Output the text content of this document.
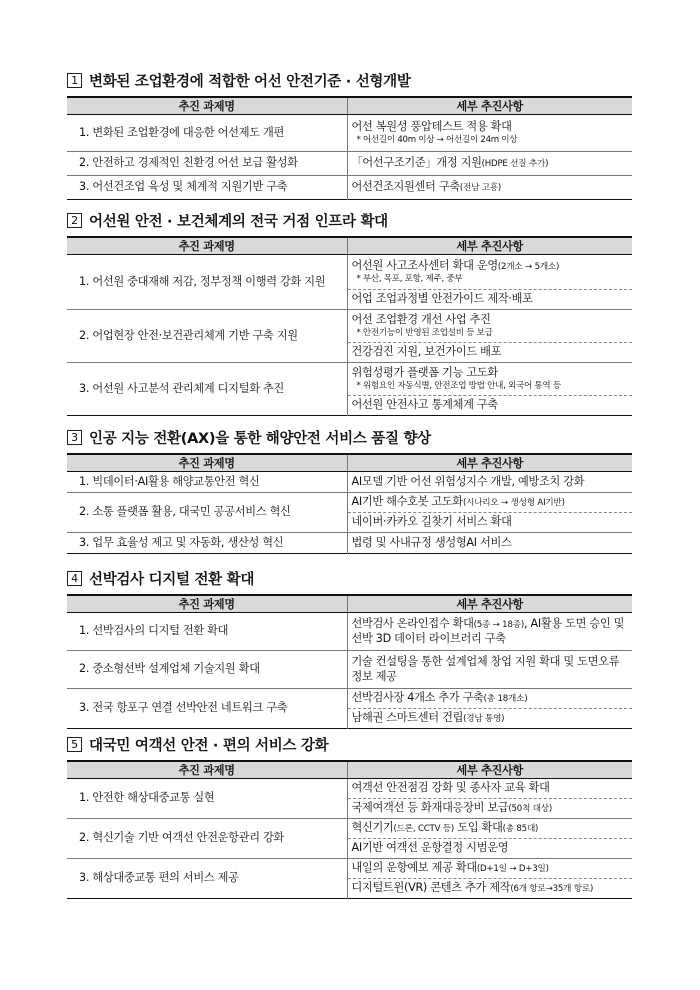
1 변화된 조업환경에 적합한 어선 안전기준 · 선형개발
추진 과제명	세부 추진사항
1. 변화된 조업환경에 대응한 어선제도 개편	어선 복원성 풍압테스트 적용 확대
* 어선길이 40m 이상 → 어선길이 24m 이상

2. 안전하고 경제적인 친환경 어선 보급 활성화	「어선구조기준」개정 지원(HDPE 선질 추가)
3. 어선건조업 육성 및 체계적 지원기반 구축	어선건조지원센터 구축(전남 고흥)
2 어선원 안전 · 보건체계의 전국 거점 인프라 확대
추진 과제명	세부 추진사항
1. 어선원 중대재해 저감, 정부정책 이행력 강화 지원	어선원 사고조사센터 확대 운영(2개소 → 5개소)
* 부산, 목포, 포항, 제주, 중부

	어업 조업과정별 안전가이드 제작·배포
2. 어업현장 안전·보건관리체계 기반 구축 지원	어선 조업환경 개선 사업 추진
* 안전기능이 반영된 조업설비 등 보급

	건강검진 지원, 보건가이드 배포
3. 어선원 사고분석 관리체계 디지털화 추진	위험성평가 플랫폼 기능 고도화
* 위험요인 자동식별, 안전조업 방법 안내, 외국어 통역 등

	어선원 안전사고 통계체계 구축
3 인공 지능 전환(AX)을 통한 해양안전 서비스 품질 향상
추진 과제명	세부 추진사항
1. 빅데이터·AI활용 해양교통안전 혁신	AI모델 기반 어선 위험성지수 개발, 예방조치 강화
2. 소통 플랫폼 활용, 대국민 공공서비스 혁신	AI기반 해수호봇 고도화(시나리오 → 생성형 AI기반)
	네이버·카카오 길찾기 서비스 확대
3. 업무 효율성 제고 및 자동화, 생산성 혁신	법령 및 사내규정 생성형AI 서비스
4 선박검사 디지털 전환 확대
추진 과제명	세부 추진사항
1. 선박검사의 디지털 전환 확대	선박검사 온라인접수 확대(5종 → 18종), AI활용 도면 승인 및 선박 3D 데이터 라이브러리 구축
2. 중소형선박 설계업체 기술지원 확대	기술 컨설팅을 통한 설계업체 창업 지원 확대 및 도면오류 정보 제공
3. 전국 항포구 연결 선박안전 네트워크 구축	선박검사장 4개소 추가 구축(총 18개소)
	남해권 스마트센터 건립(경남 통영)
5 대국민 여객선 안전 · 편의 서비스 강화
추진 과제명	세부 추진사항
1. 안전한 해상대중교통 실현	여객선 안전점검 강화 및 종사자 교육 확대
	국제여객선 등 화재대응장비 보급(50척 대상)
2. 혁신기술 기반 여객선 안전운항관리 강화	혁신기기(드론, CCTV 등) 도입 확대(총 85대)
	AI기반 여객선 운항결정 시범운영
3. 해상대중교통 편의 서비스 제공	내일의 운항예보 제공 확대(D+1일 → D+3일)
	디지털트윈(VR) 콘텐츠 추가 제작(6개 항로→35개 항로)
